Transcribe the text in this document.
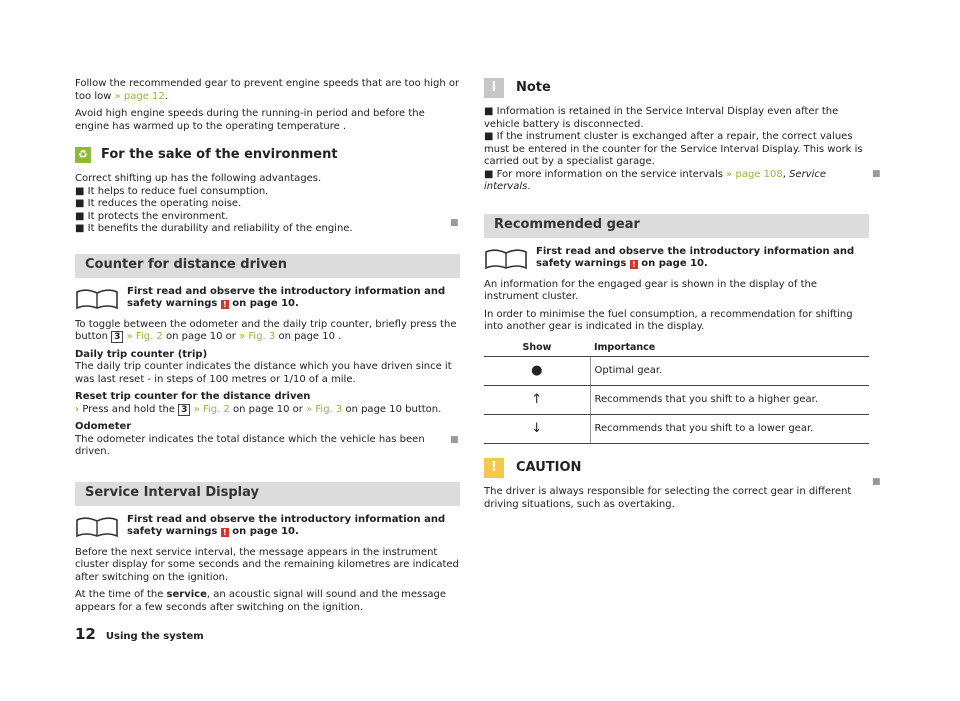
Follow the recommended gear to prevent engine speeds that are too high or too low » page 12.

Avoid high engine speeds during the running-in period and before the engine has warmed up to the operating temperature .

♻ For the sake of the environment

Correct shifting up has the following advantages.

■ It helps to reduce fuel consumption.
■ It reduces the operating noise.
■ It protects the environment.
■ It benefits the durability and reliability of the engine.
Counter for distance driven
First read and observe the introductory information and safety warnings ! on page 10.

To toggle between the odometer and the daily trip counter, briefly press the button 3 » Fig. 2 on page 10 or » Fig. 3 on page 10 .

Daily trip counter (trip)

The daily trip counter indicates the distance which you have driven since it was last reset - in steps of 100 metres or 1/10 of a mile.

Reset trip counter for the distance driven

› Press and hold the 3 » Fig. 2 on page 10 or » Fig. 3 on page 10 button.

Odometer

The odometer indicates the total distance which the vehicle has been driven.

Service Interval Display
First read and observe the introductory information and safety warnings ! on page 10.

Before the next service interval, the message appears in the instrument cluster display for some seconds and the remaining kilometres are indicated after switching on the ignition.

At the time of the service, an acoustic signal will sound and the message appears for a few seconds after switching on the ignition.

■
■
i	Note
■ Information is retained in the Service Interval Display even after the vehicle battery is disconnected.
■ If the instrument cluster is exchanged after a repair, the correct values must be entered in the counter for the Service Interval Display. This work is carried out by a specialist garage.
■ For more information on the service intervals » page 108, Service intervals.
Recommended gear
First read and observe the introductory information and safety warnings ! on page 10.

An information for the engaged gear is shown in the display of the instrument cluster.

In order to minimise the fuel consumption, a recommendation for shifting into another gear is indicated in the display.

Show	Importance
●	Optimal gear.
↑	Recommends that you shift to a higher gear.
↓	Recommends that you shift to a lower gear.
!	CAUTION

The driver is always responsible for selecting the correct gear in different driving situations, such as overtaking.

■
■
12 Using the system
